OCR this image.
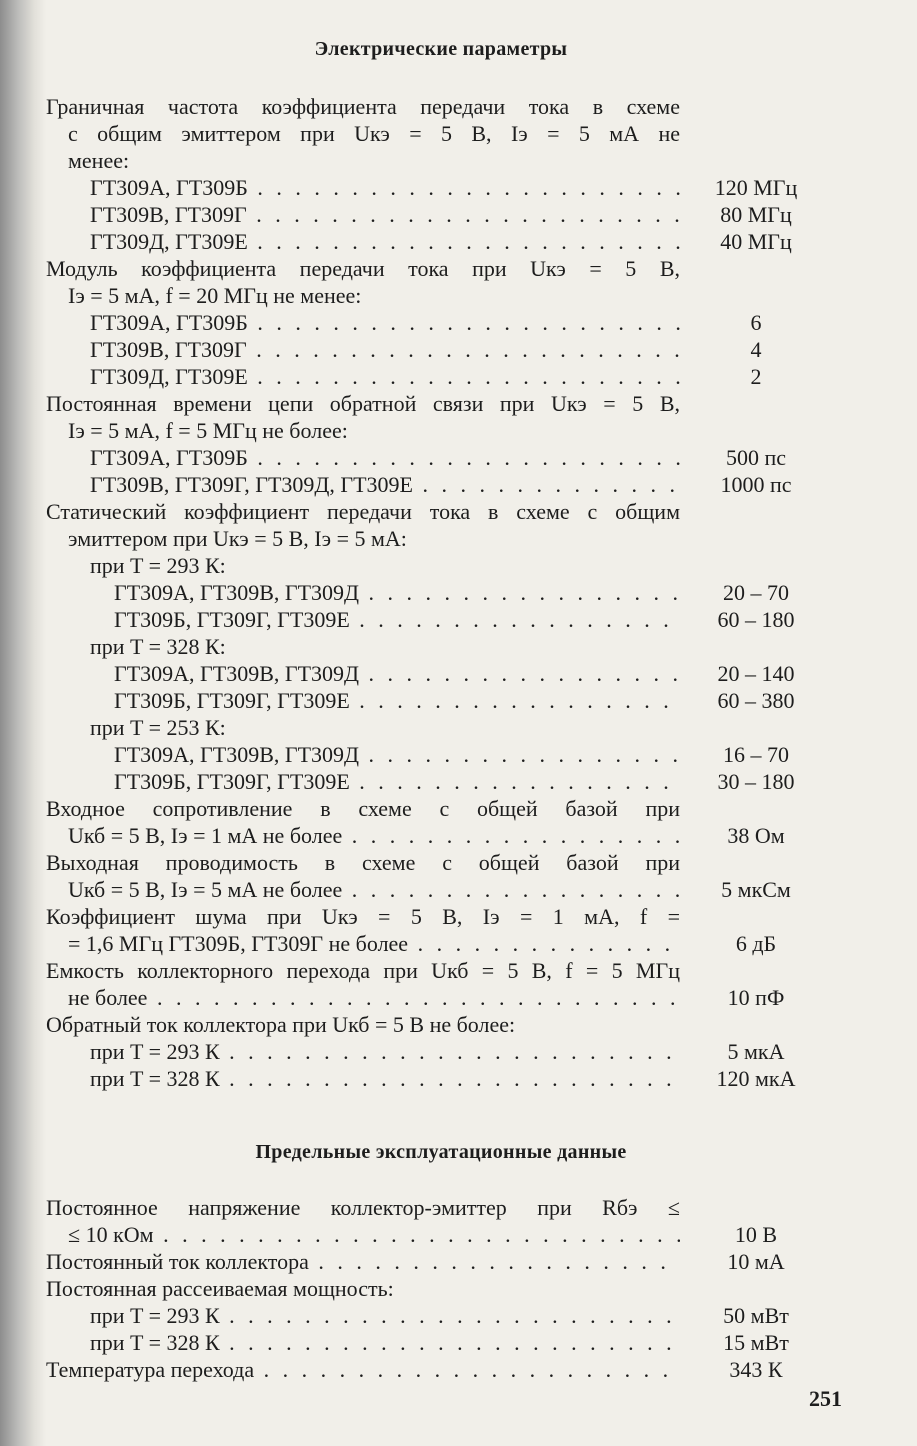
Электрические параметры
Граничная частота коэффициента передачи тока в схеме
с общим эмиттером при Uкэ = 5 В, Iэ = 5 мА не
менее:
ГТ309А, ГТ309Б . . .	120 МГц
ГТ309В, ГТ309Г . . .	80 МГц
ГТ309Д, ГТ309Е . . .	40 МГц
Модуль коэффициента передачи тока при Uкэ = 5 В,
Iэ = 5 мА, f = 20 МГц не менее:
ГТ309А, ГТ309Б . . .	6
ГТ309В, ГТ309Г . . .	4
ГТ309Д, ГТ309Е . . .	2
Постоянная времени цепи обратной связи при Uкэ = 5 В,
Iэ = 5 мА, f = 5 МГц не более:
ГТ309А, ГТ309Б . . .	500 пс
ГТ309В, ГТ309Г, ГТ309Д, ГТ309Е . . .	1000 пс
Статический коэффициент передачи тока в схеме с общим
эмиттером при Uкэ = 5 В, Iэ = 5 мА:
при T = 293 К:
ГТ309А, ГТ309В, ГТ309Д . . .	20 – 70
ГТ309Б, ГТ309Г, ГТ309Е . . .	60 – 180
при T = 328 К:
ГТ309А, ГТ309В, ГТ309Д . . .	20 – 140
ГТ309Б, ГТ309Г, ГТ309Е . . .	60 – 380
при T = 253 К:
ГТ309А, ГТ309В, ГТ309Д . . .	16 – 70
ГТ309Б, ГТ309Г, ГТ309Е . . .	30 – 180
Входное сопротивление в схеме с общей базой при
Uкб = 5 В, Iэ = 1 мА не более . . .	38 Ом
Выходная проводимость в схеме с общей базой при
Uкб = 5 В, Iэ = 5 мА не более . . .	5 мкСм
Коэффициент шума при Uкэ = 5 В, Iэ = 1 мА, f =
= 1,6 МГц ГТ309Б, ГТ309Г не более . . .	6 дБ
Емкость коллекторного перехода при Uкб = 5 В, f = 5 МГц
не более . . .	10 пФ
Обратный ток коллектора при Uкб = 5 В не более:
при T = 293 К . . .	5 мкА
при T = 328 К . . .	120 мкА
Предельные эксплуатационные данные
Постоянное напряжение коллектор-эмиттер при Rбэ ≤
≤ 10 кОм . . .	10 В
Постоянный ток коллектора . . .	10 мА
Постоянная рассеиваемая мощность:
при T = 293 К . . .	50 мВт
при T = 328 К . . .	15 мВт
Температура перехода . . .	343 К
251
